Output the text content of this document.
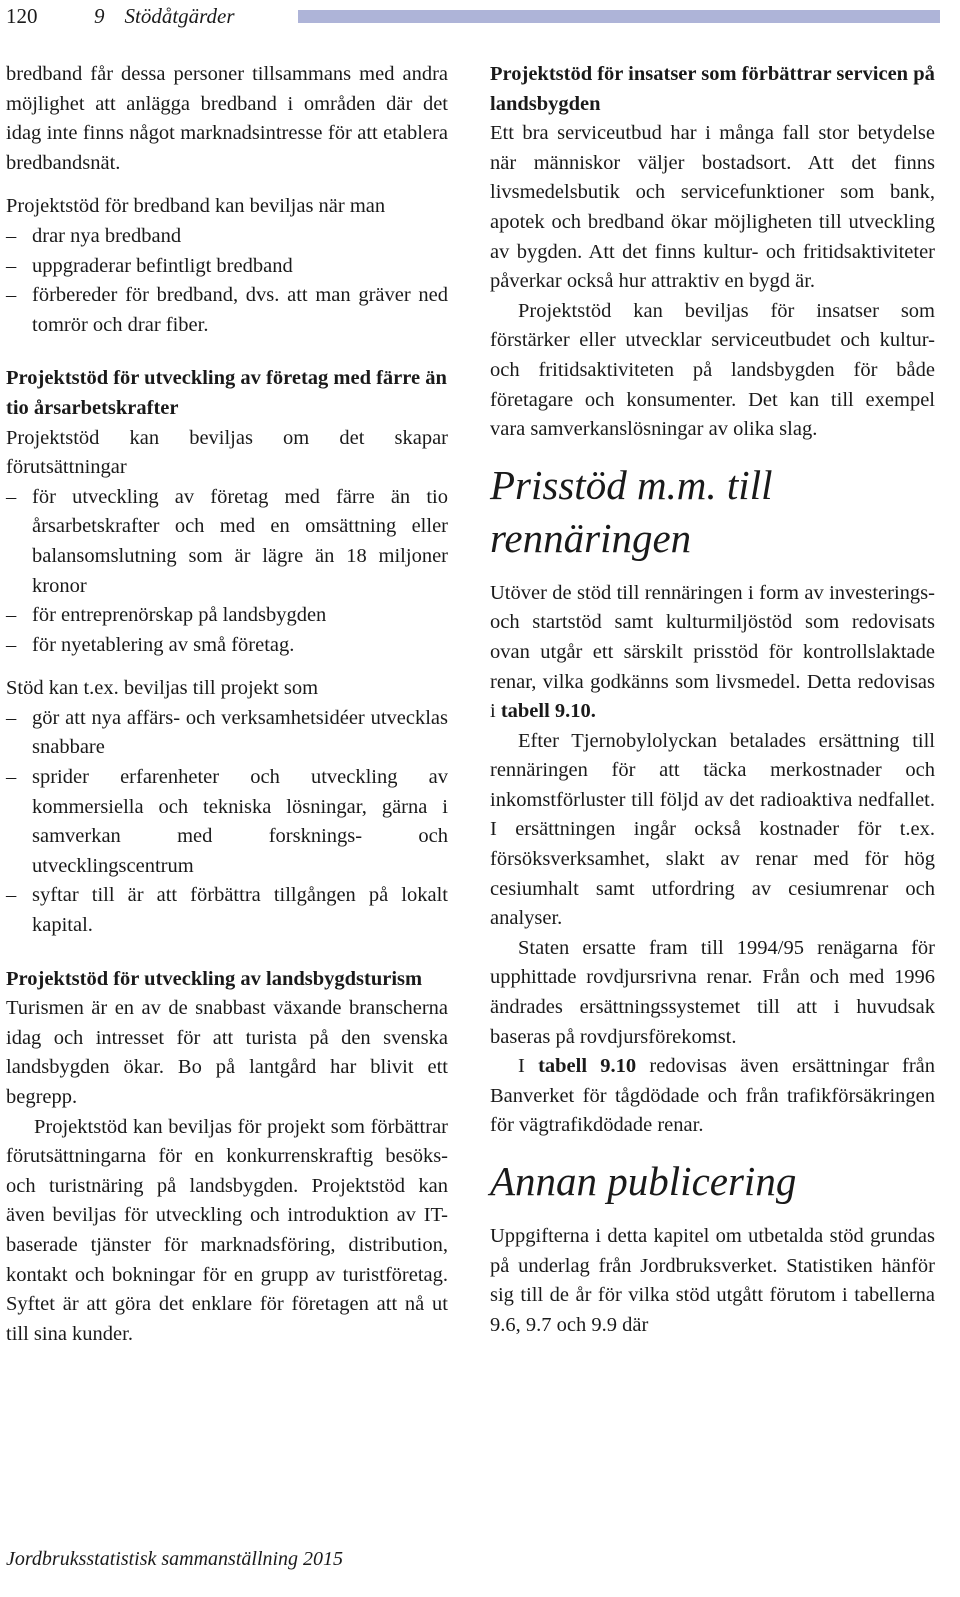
120	9 Stödåtgärder

bredband får dessa personer tillsammans med andra möjlighet att anlägga bredband i områden där det idag inte finns något marknadsintresse för att etablera bredbandsnät.

Projektstöd för bredband kan beviljas när man

– drar nya bredband
– uppgraderar befintligt bredband
– förbereder för bredband, dvs. att man gräver ned tomrör och drar fiber.
Projektstöd för utveckling av företag med färre än tio årsarbetskrafter

Projektstöd kan beviljas om det skapar förutsättningar

– för utveckling av företag med färre än tio årsarbetskrafter och med en omsättning eller balansomslutning som är lägre än 18 miljoner kronor
– för entreprenörskap på landsbygden
– för nyetablering av små företag.

Stöd kan t.ex. beviljas till projekt som

– gör att nya affärs- och verksamhetsidéer utvecklas snabbare
– sprider erfarenheter och utveckling av kommersiella och tekniska lösningar, gärna i samverkan med forsknings- och utvecklingscentrum
– syftar till är att förbättra tillgången på lokalt kapital.
Projektstöd för utveckling av landsbygdsturism

Turismen är en av de snabbast växande branscherna idag och intresset för att turista på den svenska landsbygden ökar. Bo på lantgård har blivit ett begrepp.

Projektstöd kan beviljas för projekt som förbättrar förutsättningarna för en konkurrenskraftig besöks- och turistnäring på landsbygden. Projektstöd kan även beviljas för utveckling och introduktion av IT-baserade tjänster för marknadsföring, distribution, kontakt och bokningar för en grupp av turistföretag. Syftet är att göra det enklare för företagen att nå ut till sina kunder.

Projektstöd för insatser som förbättrar servicen på landsbygden

Ett bra serviceutbud har i många fall stor betydelse när människor väljer bostadsort. Att det finns livsmedelsbutik och servicefunktioner som bank, apotek och bredband ökar möjligheten till utveckling av bygden. Att det finns kultur- och fritidsaktiviteter påverkar också hur attraktiv en bygd är.

Projektstöd kan beviljas för insatser som förstärker eller utvecklar serviceutbudet och kultur- och fritidsaktiviteten på landsbygden för både företagare och konsumenter. Det kan till exempel vara samverkanslösningar av olika slag.

Prisstöd m.m. till rennäringen

Utöver de stöd till rennäringen i form av investerings- och startstöd samt kulturmiljöstöd som redovisats ovan utgår ett särskilt prisstöd för kontrollslaktade renar, vilka godkänns som livsmedel. Detta redovisas i tabell 9.10.

Efter Tjernobylolyckan betalades ersättning till rennäringen för att täcka merkostnader och inkomstförluster till följd av det radioaktiva nedfallet. I ersättningen ingår också kostnader för t.ex. försöksverksamhet, slakt av renar med för hög cesiumhalt samt utfordring av cesiumrenar och analyser.

Staten ersatte fram till 1994/95 renägarna för upphittade rovdjursrivna renar. Från och med 1996 ändrades ersättningssystemet till att i huvudsak baseras på rovdjursförekomst.

I tabell 9.10 redovisas även ersättningar från Banverket för tågdödade och från trafikförsäkringen för vägtrafikdödade renar.

Annan publicering

Uppgifterna i detta kapitel om utbetalda stöd grundas på underlag från Jordbruksverket. Statistiken hänför sig till de år för vilka stöd utgått förutom i tabellerna 9.6, 9.7 och 9.9 där

Jordbruksstatistisk sammanställning 2015
